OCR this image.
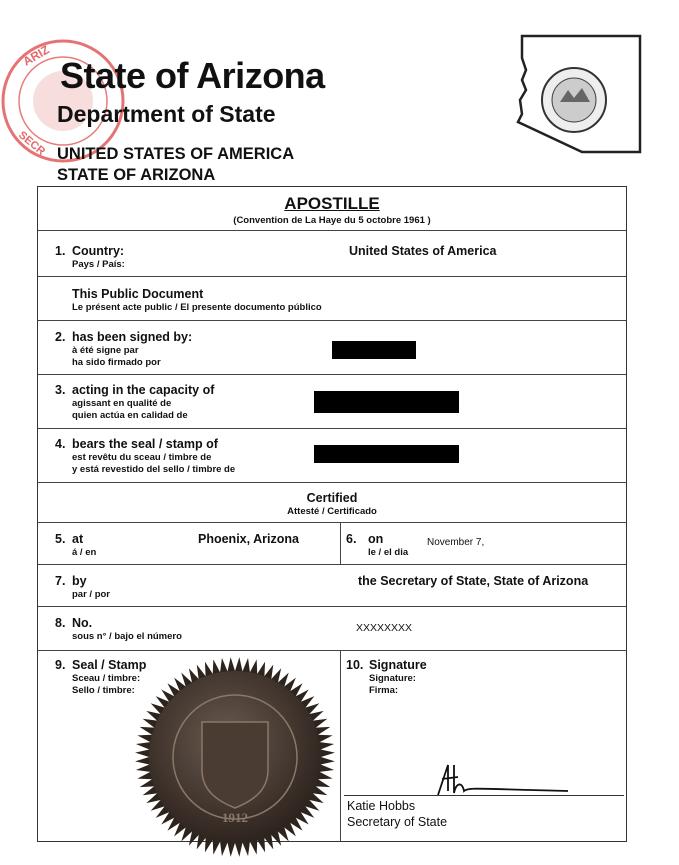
ARIZ
SECR
State of Arizona
Department of State
UNITED STATES OF AMERICA
STATE OF ARIZONA
APOSTILLE
(Convention de La Haye du 5 octobre 1961 )
1. Country:
Pays / País:
United States of America
This Public Document
Le présent acte public / El presente documento público
2. has been signed by:
à été signe par
ha sido firmado por
3. acting in the capacity of
agissant en qualité de
quien actúa en calidad de
4. bears the seal / stamp of
est revêtu du sceau / timbre de
y está revestido del sello / timbre de
Certified
Attesté / Certificado
5. at
á / en
Phoenix, Arizona	6. on
le / el dia
November 7,
7. by
par / por
the Secretary of State, State of Arizona
8. No.
sous n° / bajo el número
XXXXXXXX
9. Seal / Stamp
Sceau / timbre:
Sello / timbre:
10. Signature
Signature:
Firma:
Katie Hobbs
Secretary of State
1912
